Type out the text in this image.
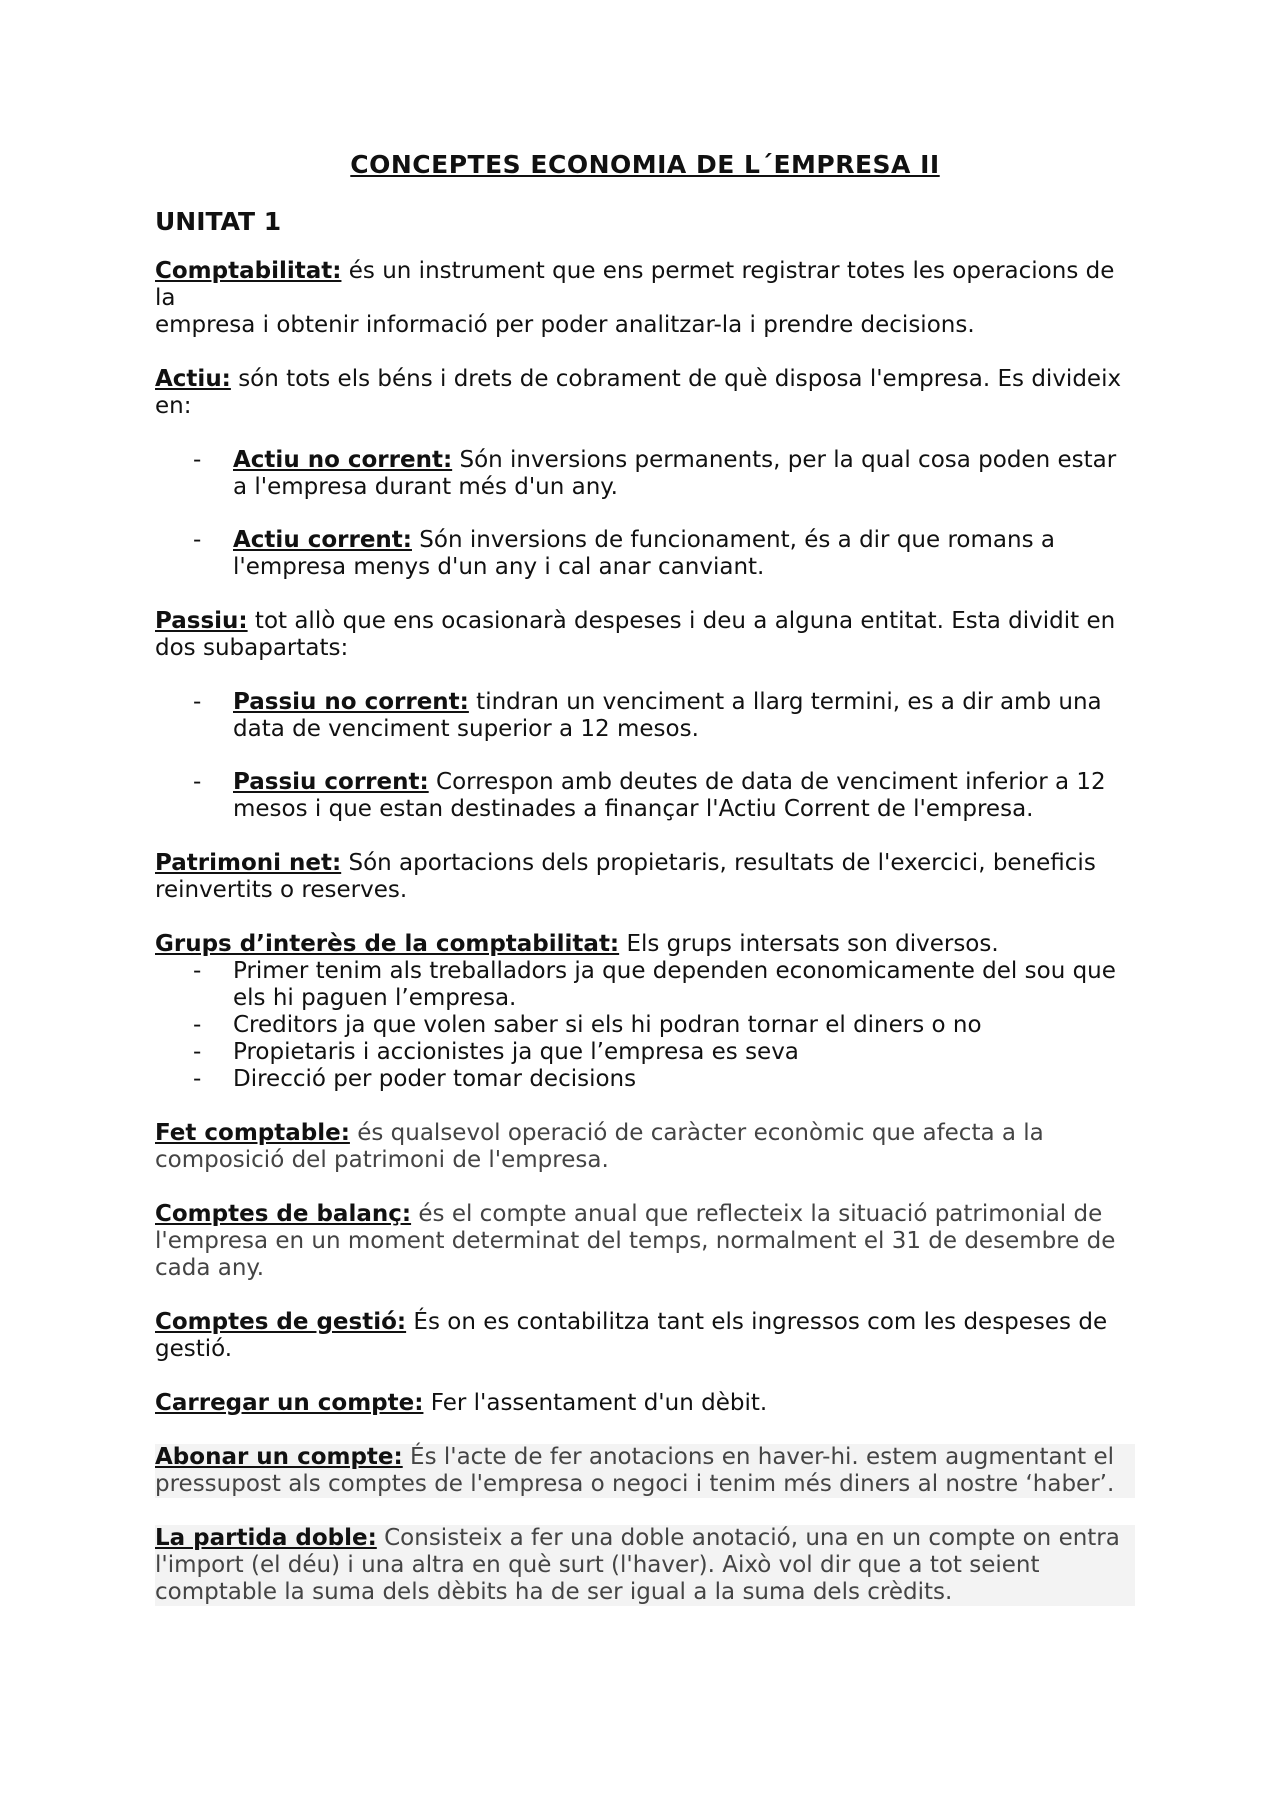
CONCEPTES ECONOMIA DE L´EMPRESA II
UNITAT 1

Comptabilitat: és un instrument que ens permet registrar totes les operacions de la
empresa i obtenir informació per poder analitzar-la i prendre decisions.

Actiu: són tots els béns i drets de cobrament de què disposa l'empresa. Es divideix en:

- Actiu no corrent: Són inversions permanents, per la qual cosa poden estar a l'empresa durant més d'un any.
- Actiu corrent: Són inversions de funcionament, és a dir que romans a l'empresa menys d'un any i cal anar canviant.

Passiu: tot allò que ens ocasionarà despeses i deu a alguna entitat. Esta dividit en dos subapartats:

- Passiu no corrent: tindran un venciment a llarg termini, es a dir amb una data de venciment superior a 12 mesos.
- Passiu corrent: Correspon amb deutes de data de venciment inferior a 12 mesos i que estan destinades a finançar l'Actiu Corrent de l'empresa.

Patrimoni net: Són aportacions dels propietaris, resultats de l'exercici, beneficis reinvertits o reserves.

Grups d’interès de la comptabilitat: Els grups intersats son diversos.

- Primer tenim als treballadors ja que dependen economicamente del sou que els hi paguen l’empresa.
- Creditors ja que volen saber si els hi podran tornar el diners o no
- Propietaris i accionistes ja que l’empresa es seva
- Direcció per poder tomar decisions

Fet comptable: és qualsevol operació de caràcter econòmic que afecta a la composició del patrimoni de l'empresa.

Comptes de balanç: és el compte anual que reflecteix la situació patrimonial de l'empresa en un moment determinat del temps, normalment el 31 de desembre de cada any.

Comptes de gestió: És on es contabilitza tant els ingressos com les despeses de gestió.

Carregar un compte: Fer l'assentament d'un dèbit.

Abonar un compte: És l'acte de fer anotacions en haver-hi. estem augmentant el pressupost als comptes de l'empresa o negoci i tenim més diners al nostre ‘haber’.

La partida doble: Consisteix a fer una doble anotació, una en un compte on entra l'import (el déu) i una altra en què surt (l'haver). Això vol dir que a tot seient comptable la suma dels dèbits ha de ser igual a la suma dels crèdits.
